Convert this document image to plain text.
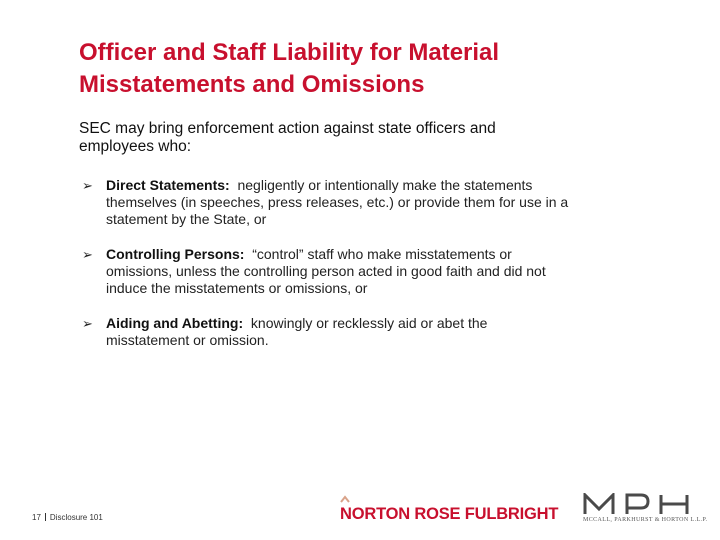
Officer and Staff Liability for Material
Misstatements and Omissions

SEC may bring enforcement action against state officers and
employees who:

➢ Direct Statements: negligently or intentionally make the statements
themselves (in speeches, press releases, etc.) or provide them for use in a
statement by the State, or
➢ Controlling Persons: “control” staff who make misstatements or
omissions, unless the controlling person acted in good faith and did not
induce the misstatements or omissions, or
➢ Aiding and Abetting: knowingly or recklessly aid or abet the
misstatement or omission.
17 Disclosure 101	NORTON ROSE FULBRIGHT	MCCALL, PARKHURST & HORTON L.L.P.
